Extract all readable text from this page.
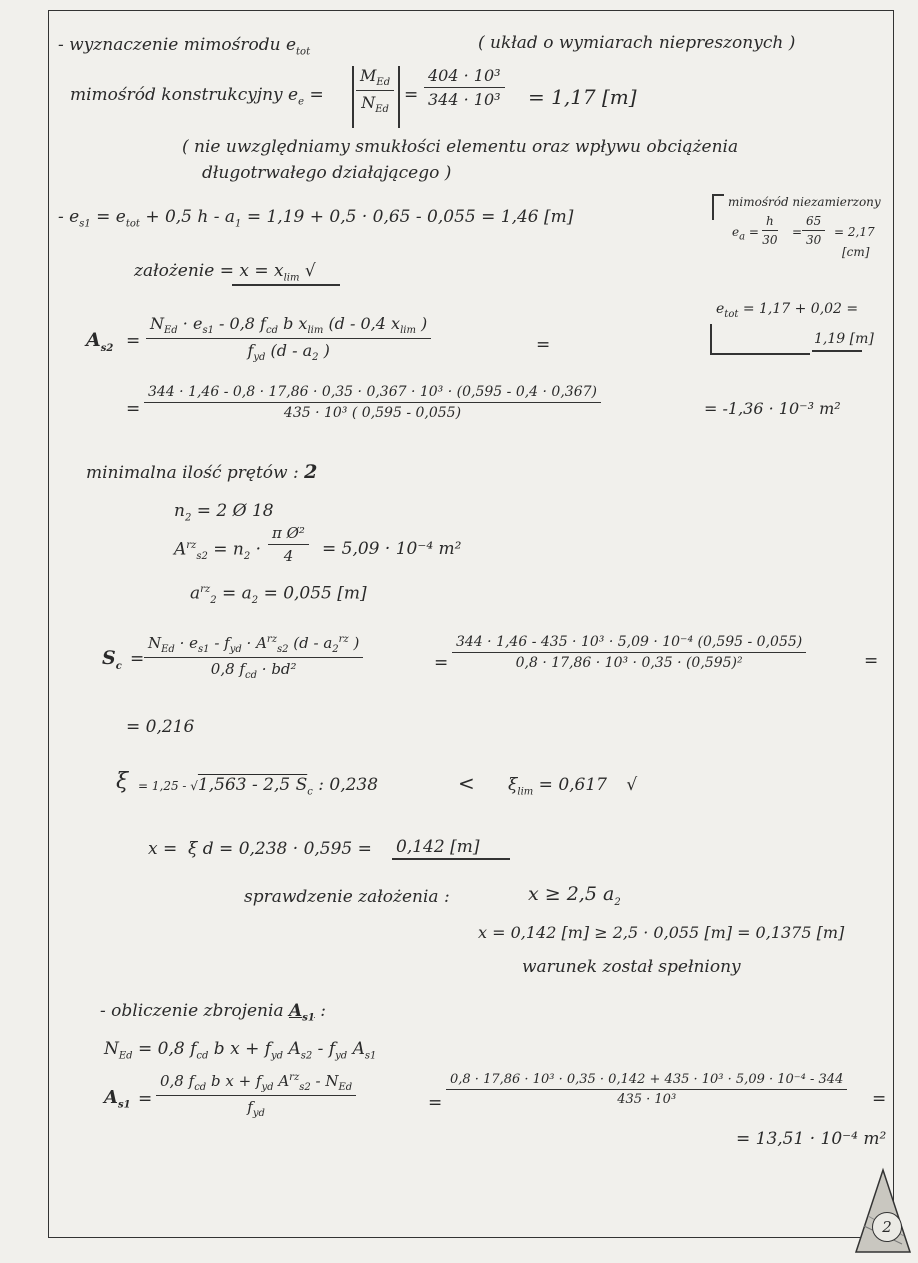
- wyznaczenie mimośrodu $e_{tot}$	( układ o wymiarach niepreszonych )
mimośród konstrukcyjny $e_e$ =
$M_{Ed}$
$N_{Ed}$
= $\frac{\text{404 · 10³}}{\text{344 · 10³}} = 1,17$ [m]
( nie uwzględniamy smukłości elementu oraz wpływu obciążenia
długotrwałego działającego )
- $e_{s1} = e_{tot} + 0,5$ $h - a_1 = 1,19 + 0,5 \cdot 0,65 - 0,055 = 1,46$ [m]
mimośród niezamierzony
$e_a = \frac{h}{30} = \frac{65}{30} = 2,17$
[cm]
założenie = $x = x_{lim}$ √
$e_{tot} = 1,17 + 0,02$ =
1,19 [m]
$A_{s2}$ =
$N_{Ed} \cdot e_{s1} - 0,8$ $f_{cd}$ b $x_{lim}$ (d - 0,4 $x_{lim}$ )
$f_{yd}$ ($d - a_2$ )	=
=
344 · 1,46 - 0,8 · 17,86 · 0,35 · 0,367 · 10³ · (0,595 - 0,4 · 0,367)
435 · 10³ ( 0,595 - 0,055)	= -1,36 · 10⁻³ m²
minimalna ilość prętów : 2
$n_2 = 2$ Ø 18
$A^{rz}_{s2} = n_2 \cdot \frac{\text{π Ø²}}{4} = 5,09 \cdot 10^{-4}$ m²
$a^{rz}_2 = a_2 = 0,055$ [m]
$S_c$ =
$N_{Ed} \cdot e_{s1} - f_{yd} \cdot A^{rz}_{s2}$ ($d - a_2^{rz}$ )
0,8 $f_{cd} \cdot bd^2$	= $\frac{\text{344 · 1,46 - 435 · 10³ · 5,09 · 10⁻⁴ (0,595 - 0,055)}}{\text{0,8 · 17,86 · 10³ · 0,35 · (0,595)²}}$	=
= 0,216
ξ = 1,25 - √1,563 - 2,5 $S_c$ : 0,238	< $\xi_{lim} = 0,617$ √
x = ξ d = 0,238 · 0,595 = 0,142 [m]
sprawdzenie założenia :	x ≥ 2,5 $a_2$
x = 0,142 [m] ≥ 2,5 · 0,055 [m] = 0,1375 [m]
warunek został spełniony
- obliczenie zbrojenia $A_{s1}$ :
$N_{Ed} = 0,8$ $f_{cd}$ b $x + f_{yd}$ $A_{s2} - f_{yd}$ $A_{s1}$
$A_{s1}$ =
0,8 $f_{cd}$ b $x + f_{yd}$ $A^{rz}_{s2} - N_{Ed}$
$f_{yd}$
=
0,8 · 17,86 · 10³ · 0,35 · 0,142 + 435 · 10³ · 5,09 · 10⁻⁴ - 344
435 · 10³	=
= 13,51 · 10⁻⁴ m²
2
